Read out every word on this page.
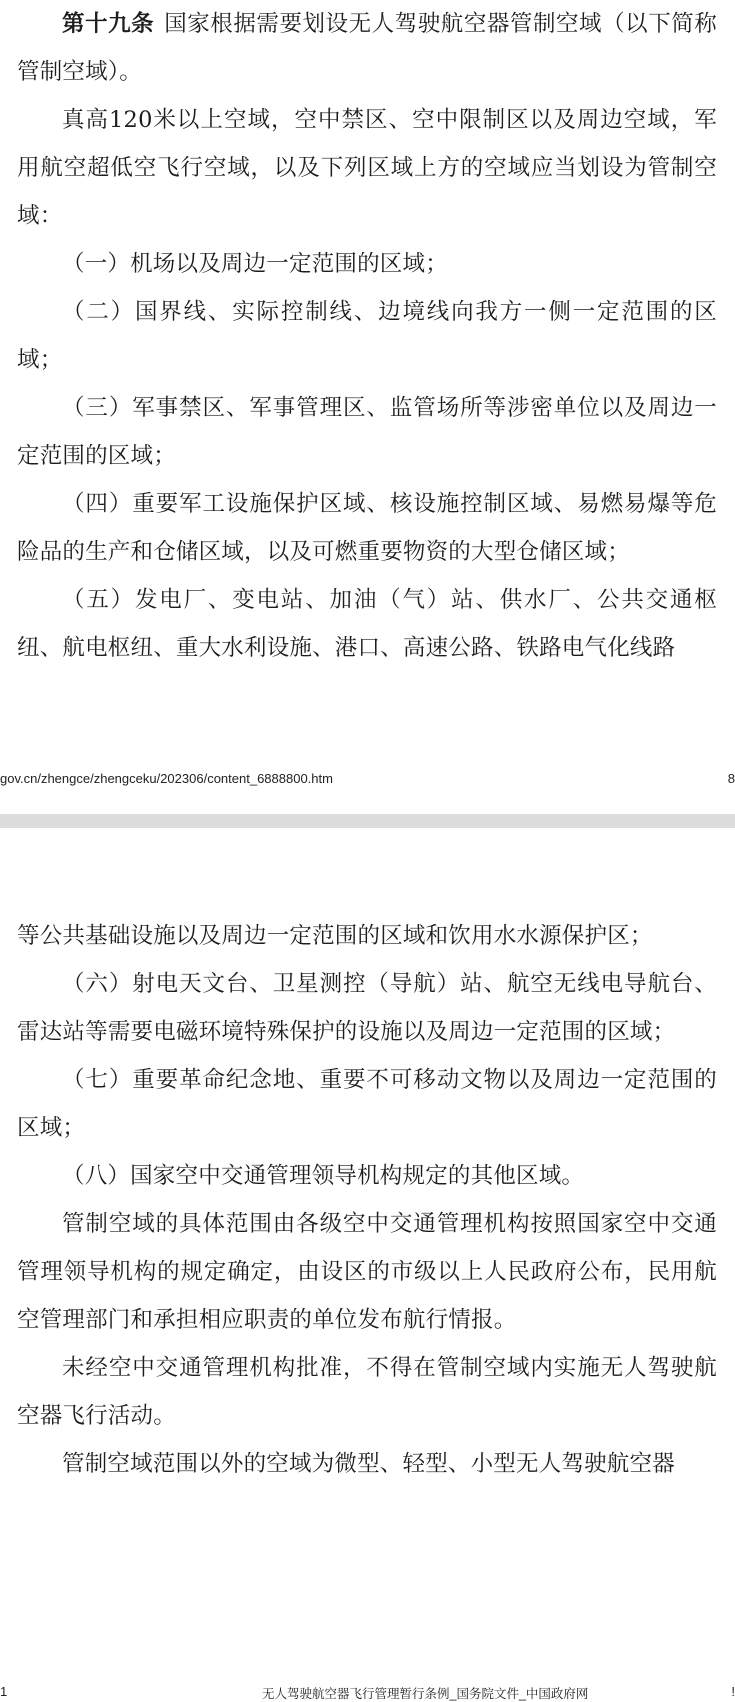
第十九条 国家根据需要划设无人驾驶航空器管制空域（以下简称管制空域）。

真高120米以上空域，空中禁区、空中限制区以及周边空域，军用航空超低空飞行空域，以及下列区域上方的空域应当划设为管制空域：

（一）机场以及周边一定范围的区域；

（二）国界线、实际控制线、边境线向我方一侧一定范围的区域；

（三）军事禁区、军事管理区、监管场所等涉密单位以及周边一定范围的区域；

（四）重要军工设施保护区域、核设施控制区域、易燃易爆等危险品的生产和仓储区域，以及可燃重要物资的大型仓储区域；

（五）发电厂、变电站、加油（气）站、供水厂、公共交通枢纽、航电枢纽、重大水利设施、港口、高速公路、铁路电气化线路

gov.cn/zhengce/zhengceku/202306/content_6888800.htm	8
1	无人驾驶航空器飞行管理暂行条例_国务院文件_中国政府网	ǃ

等公共基础设施以及周边一定范围的区域和饮用水水源保护区；

（六）射电天文台、卫星测控（导航）站、航空无线电导航台、雷达站等需要电磁环境特殊保护的设施以及周边一定范围的区域；

（七）重要革命纪念地、重要不可移动文物以及周边一定范围的区域；

（八）国家空中交通管理领导机构规定的其他区域。

管制空域的具体范围由各级空中交通管理机构按照国家空中交通管理领导机构的规定确定，由设区的市级以上人民政府公布，民用航空管理部门和承担相应职责的单位发布航行情报。

未经空中交通管理机构批准，不得在管制空域内实施无人驾驶航空器飞行活动。

管制空域范围以外的空域为微型、轻型、小型无人驾驶航空器
